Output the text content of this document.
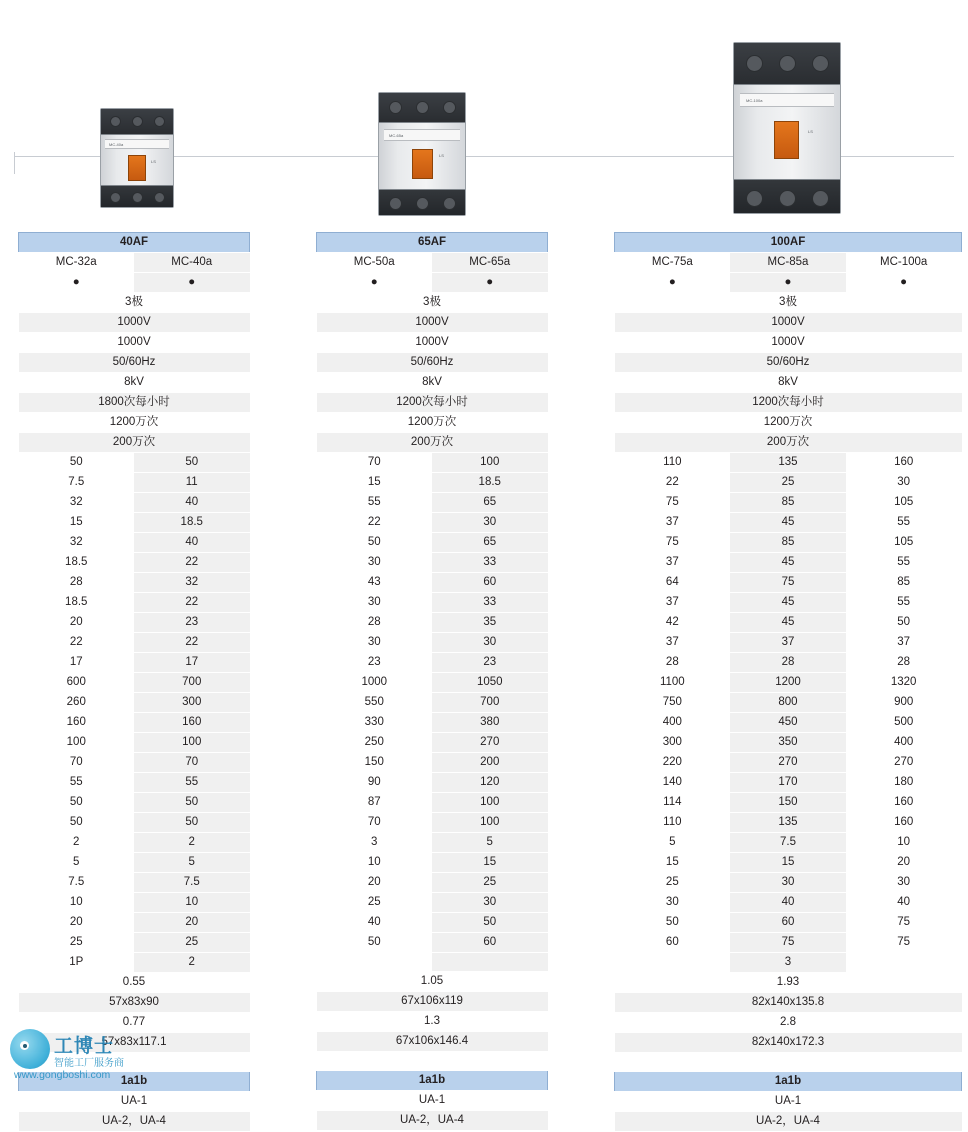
MC-40a
LS
MC-65a
LS
MC-100a
LS
40AF	
MC-32a	MC-40a
●	●
3极	
1000V	
1000V	
50/60Hz	
8kV	
1800次每小时	
1200万次	
200万次	
50	50
7.5	11
32	40
15	18.5
32	40
18.5	22
28	32
18.5	22
20	23
22	22
17	17
600	700
260	300
160	160
100	100
70	70
55	55
50	50
50	50
2	2
5	5
7.5	7.5
10	10
20	20
25	25
1P	2
0.55	
57x83x90	
0.77	
57x83x117.1	

1a1b	
UA-1	
UA-2，UA-4	
65AF	
MC-50a	MC-65a
●	●
3极	
1000V	
1000V	
50/60Hz	
8kV	
1200次每小时	
1200万次	
200万次	
70	100
15	18.5
55	65
22	30
50	65
30	33
43	60
30	33
28	35
30	30
23	23
1000	1050
550	700
330	380
250	270
150	200
90	120
87	100
70	100
3	5
10	15
20	25
25	30
40	50
50	60

1.05	
67x106x119	
1.3	
67x106x146.4	

1a1b	
UA-1	
UA-2，UA-4	
100AF		
MC-75a	MC-85a	MC-100a
●	●	●
3极		
1000V		
1000V		
50/60Hz		
8kV		
1200次每小时		
1200万次		
200万次		
110	135	160
22	25	30
75	85	105
37	45	55
75	85	105
37	45	55
64	75	85
37	45	55
42	45	50
37	37	37
28	28	28
1100	1200	1320
750	800	900
400	450	500
300	350	400
220	270	270
140	170	180
114	150	160
110	135	160
5	7.5	10
15	15	20
25	30	30
30	40	40
50	60	75
60	75	75
	3	
1.93		
82x140x135.8		
2.8		
82x140x172.3		

1a1b		
UA-1		
UA-2，UA-4		
工博士
智能工厂服务商
www.gongboshi.com
